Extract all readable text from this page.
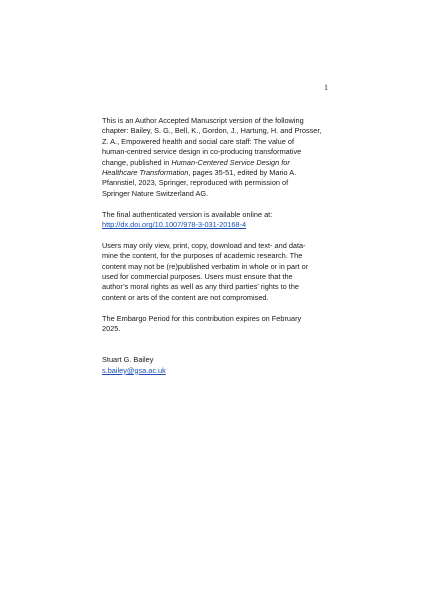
1
This is an Author Accepted Manuscript version of the following
chapter: Bailey, S. G., Bell, K., Gordon, J., Hartung, H. and Prosser,
Z. A., Empowered health and social care staff: The value of
human-centred service design in co-producing transformative
change, published in Human-Centered Service Design for
Healthcare Transformation, pages 35-51, edited by Mario A.
Pfannstiel, 2023, Springer, reproduced with permission of
Springer Nature Switzerland AG.
The final authenticated version is available online at:
http://dx.doi.org/10.1007/978-3-031-20168-4
Users may only view, print, copy, download and text- and data-
mine the content, for the purposes of academic research. The
content may not be (re)published verbatim in whole or in part or
used for commercial purposes. Users must ensure that the
author’s moral rights as well as any third parties’ rights to the
content or arts of the content are not compromised.
The Embargo Period for this contribution expires on February
2025.
Stuart G. Bailey
s.bailey@gsa.ac.uk
